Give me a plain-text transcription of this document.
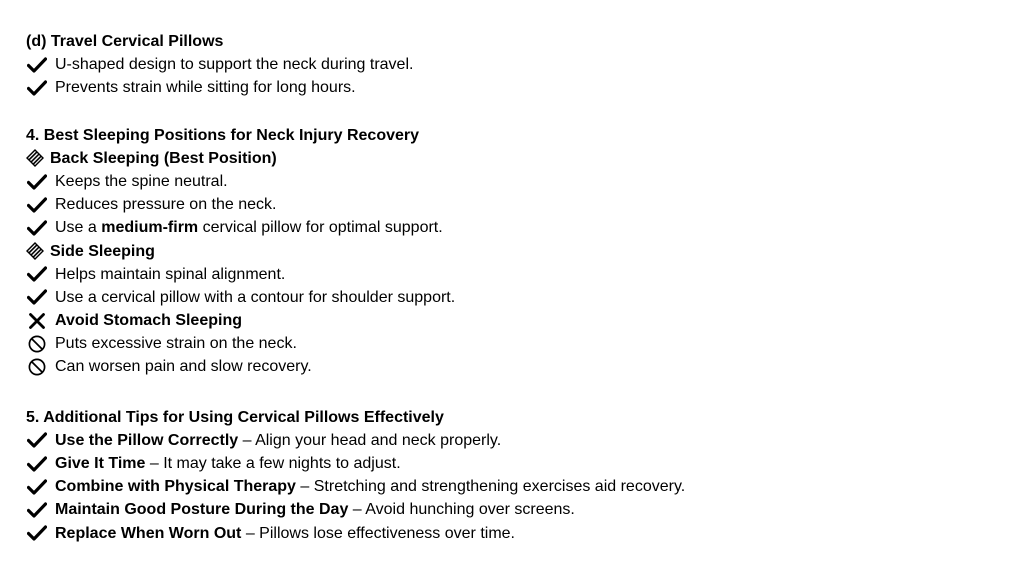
(d) Travel Cervical Pillows
U-shaped design to support the neck during travel.
Prevents strain while sitting for long hours.
4. Best Sleeping Positions for Neck Injury Recovery
Back Sleeping (Best Position)
Keeps the spine neutral.
Reduces pressure on the neck.
Use a medium-firm cervical pillow for optimal support.
Side Sleeping
Helps maintain spinal alignment.
Use a cervical pillow with a contour for shoulder support.
Avoid Stomach Sleeping
Puts excessive strain on the neck.
Can worsen pain and slow recovery.
5. Additional Tips for Using Cervical Pillows Effectively
Use the Pillow Correctly – Align your head and neck properly.
Give It Time – It may take a few nights to adjust.
Combine with Physical Therapy – Stretching and strengthening exercises aid recovery.
Maintain Good Posture During the Day – Avoid hunching over screens.
Replace When Worn Out – Pillows lose effectiveness over time.
